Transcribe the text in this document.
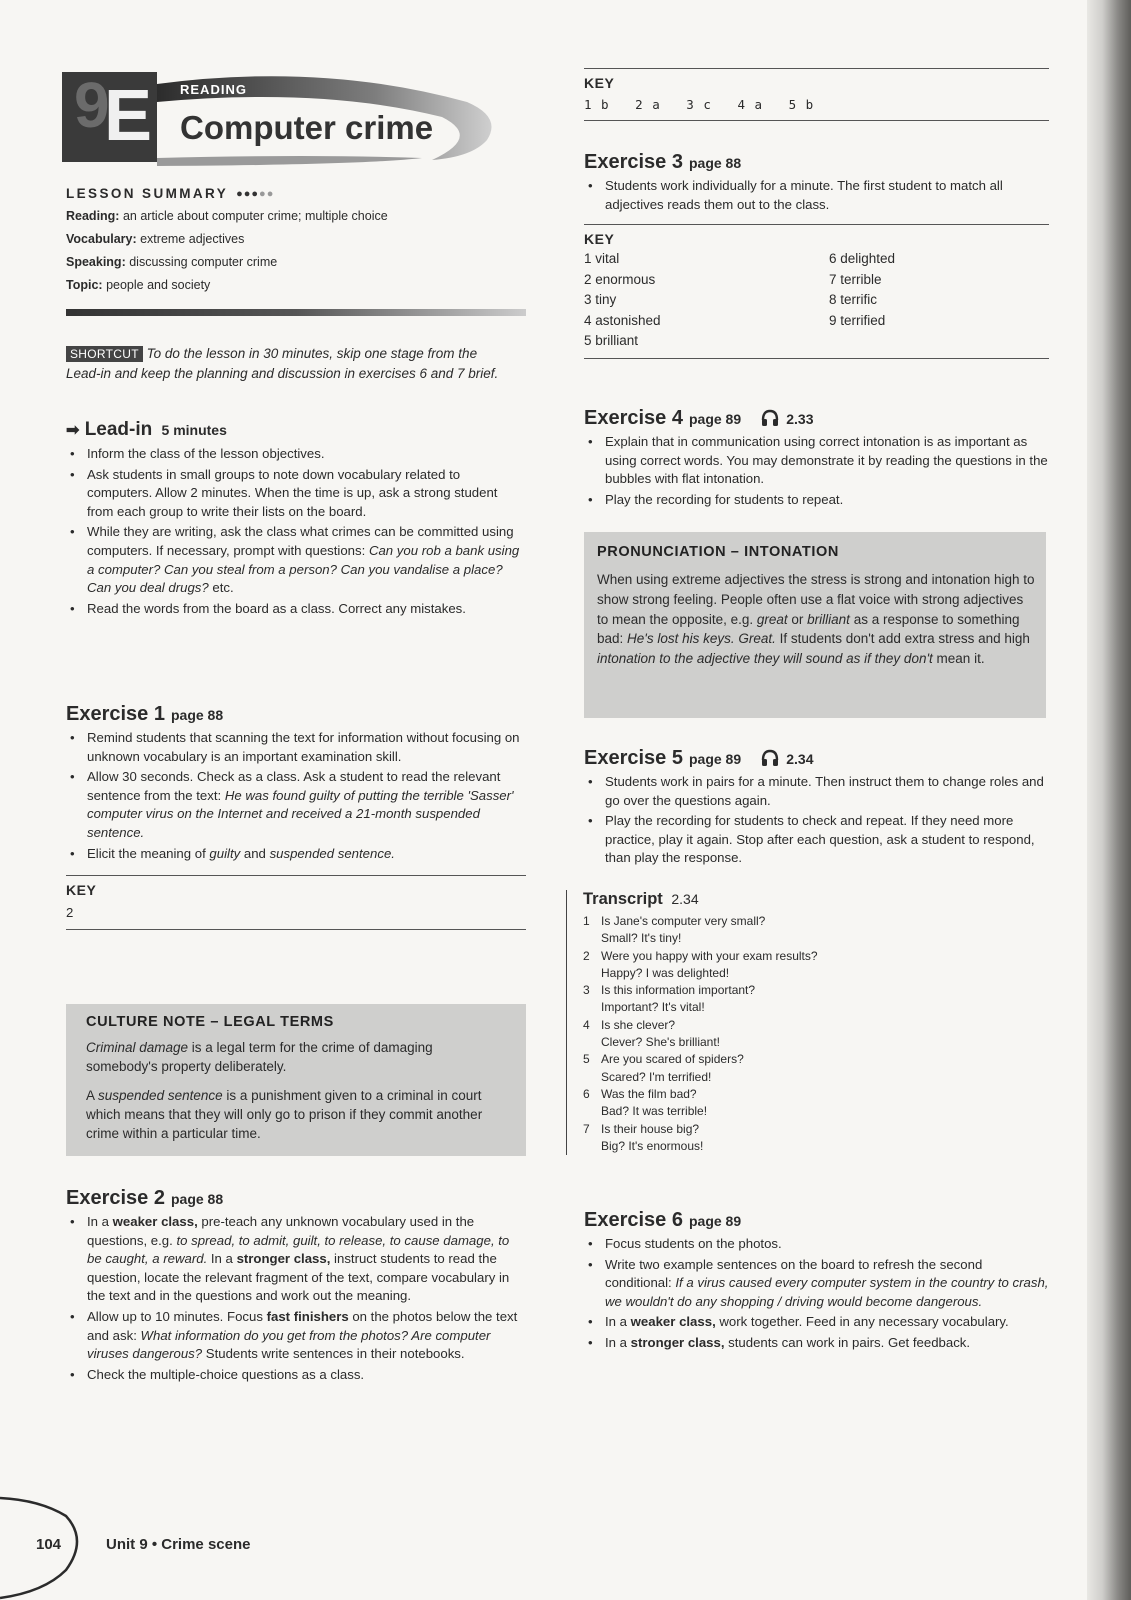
9
E READING
Computer crime
LESSON SUMMARY ●●●●●
Reading: an article about computer crime; multiple choice
Vocabulary: extreme adjectives
Speaking: discussing computer crime
Topic: people and society
SHORTCUT To do the lesson in 30 minutes, skip one stage from the Lead-in and keep the planning and discussion in exercises 6 and 7 brief.
➡ Lead-in 5 minutes
• Inform the class of the lesson objectives.
• Ask students in small groups to note down vocabulary related to computers. Allow 2 minutes. When the time is up, ask a strong student from each group to write their lists on the board.
• While they are writing, ask the class what crimes can be committed using computers. If necessary, prompt with questions: Can you rob a bank using a computer? Can you steal from a person? Can you vandalise a place? Can you deal drugs? etc.
• Read the words from the board as a class. Correct any mistakes.
Exercise 1 page 88
• Remind students that scanning the text for information without focusing on unknown vocabulary is an important examination skill.
• Allow 30 seconds. Check as a class. Ask a student to read the relevant sentence from the text: He was found guilty of putting the terrible 'Sasser' computer virus on the Internet and received a 21-month suspended sentence.
• Elicit the meaning of guilty and suspended sentence.
KEY
2
CULTURE NOTE – LEGAL TERMS

Criminal damage is a legal term for the crime of damaging somebody's property deliberately.

A suspended sentence is a punishment given to a criminal in court which means that they will only go to prison if they commit another crime within a particular time.

Exercise 2 page 88
• In a weaker class, pre-teach any unknown vocabulary used in the questions, e.g. to spread, to admit, guilt, to release, to cause damage, to be caught, a reward. In a stronger class, instruct students to read the question, locate the relevant fragment of the text, compare vocabulary in the text and in the questions and work out the meaning.
• Allow up to 10 minutes. Focus fast finishers on the photos below the text and ask: What information do you get from the photos? Are computer viruses dangerous? Students write sentences in their notebooks.
• Check the multiple-choice questions as a class.
KEY
1 b   2 a   3 c   4 a   5 b
Exercise 3 page 88
• Students work individually for a minute. The first student to match all adjectives reads them out to the class.
KEY
1 vital
2 enormous
3 tiny
4 astonished
5 brilliant
6 delighted
7 terrible
8 terrific
9 terrified
Exercise 4 page 89	2.33
• Explain that in communication using correct intonation is as important as using correct words. You may demonstrate it by reading the questions in the bubbles with flat intonation.
• Play the recording for students to repeat.
PRONUNCIATION – INTONATION

When using extreme adjectives the stress is strong and intonation high to show strong feeling. People often use a flat voice with strong adjectives to mean the opposite, e.g. great or brilliant as a response to something bad: He's lost his keys. Great. If students don't add extra stress and high intonation to the adjective they will sound as if they don't mean it.

Exercise 5 page 89	2.34
• Students work in pairs for a minute. Then instruct them to change roles and go over the questions again.
• Play the recording for students to check and repeat. If they need more practice, play it again. Stop after each question, ask a student to respond, than play the response.
Transcript 2.34
1 Is Jane's computer very small?
Small? It's tiny!
2 Were you happy with your exam results?
Happy? I was delighted!
3 Is this information important?
Important? It's vital!
4 Is she clever?
Clever? She's brilliant!
5 Are you scared of spiders?
Scared? I'm terrified!
6 Was the film bad?
Bad? It was terrible!
7 Is their house big?
Big? It's enormous!
Exercise 6 page 89
• Focus students on the photos.
• Write two example sentences on the board to refresh the second conditional: If a virus caused every computer system in the country to crash, we wouldn't do any shopping / driving would become dangerous.
• In a weaker class, work together. Feed in any necessary vocabulary.
• In a stronger class, students can work in pairs. Get feedback.
104	Unit 9 • Crime scene
